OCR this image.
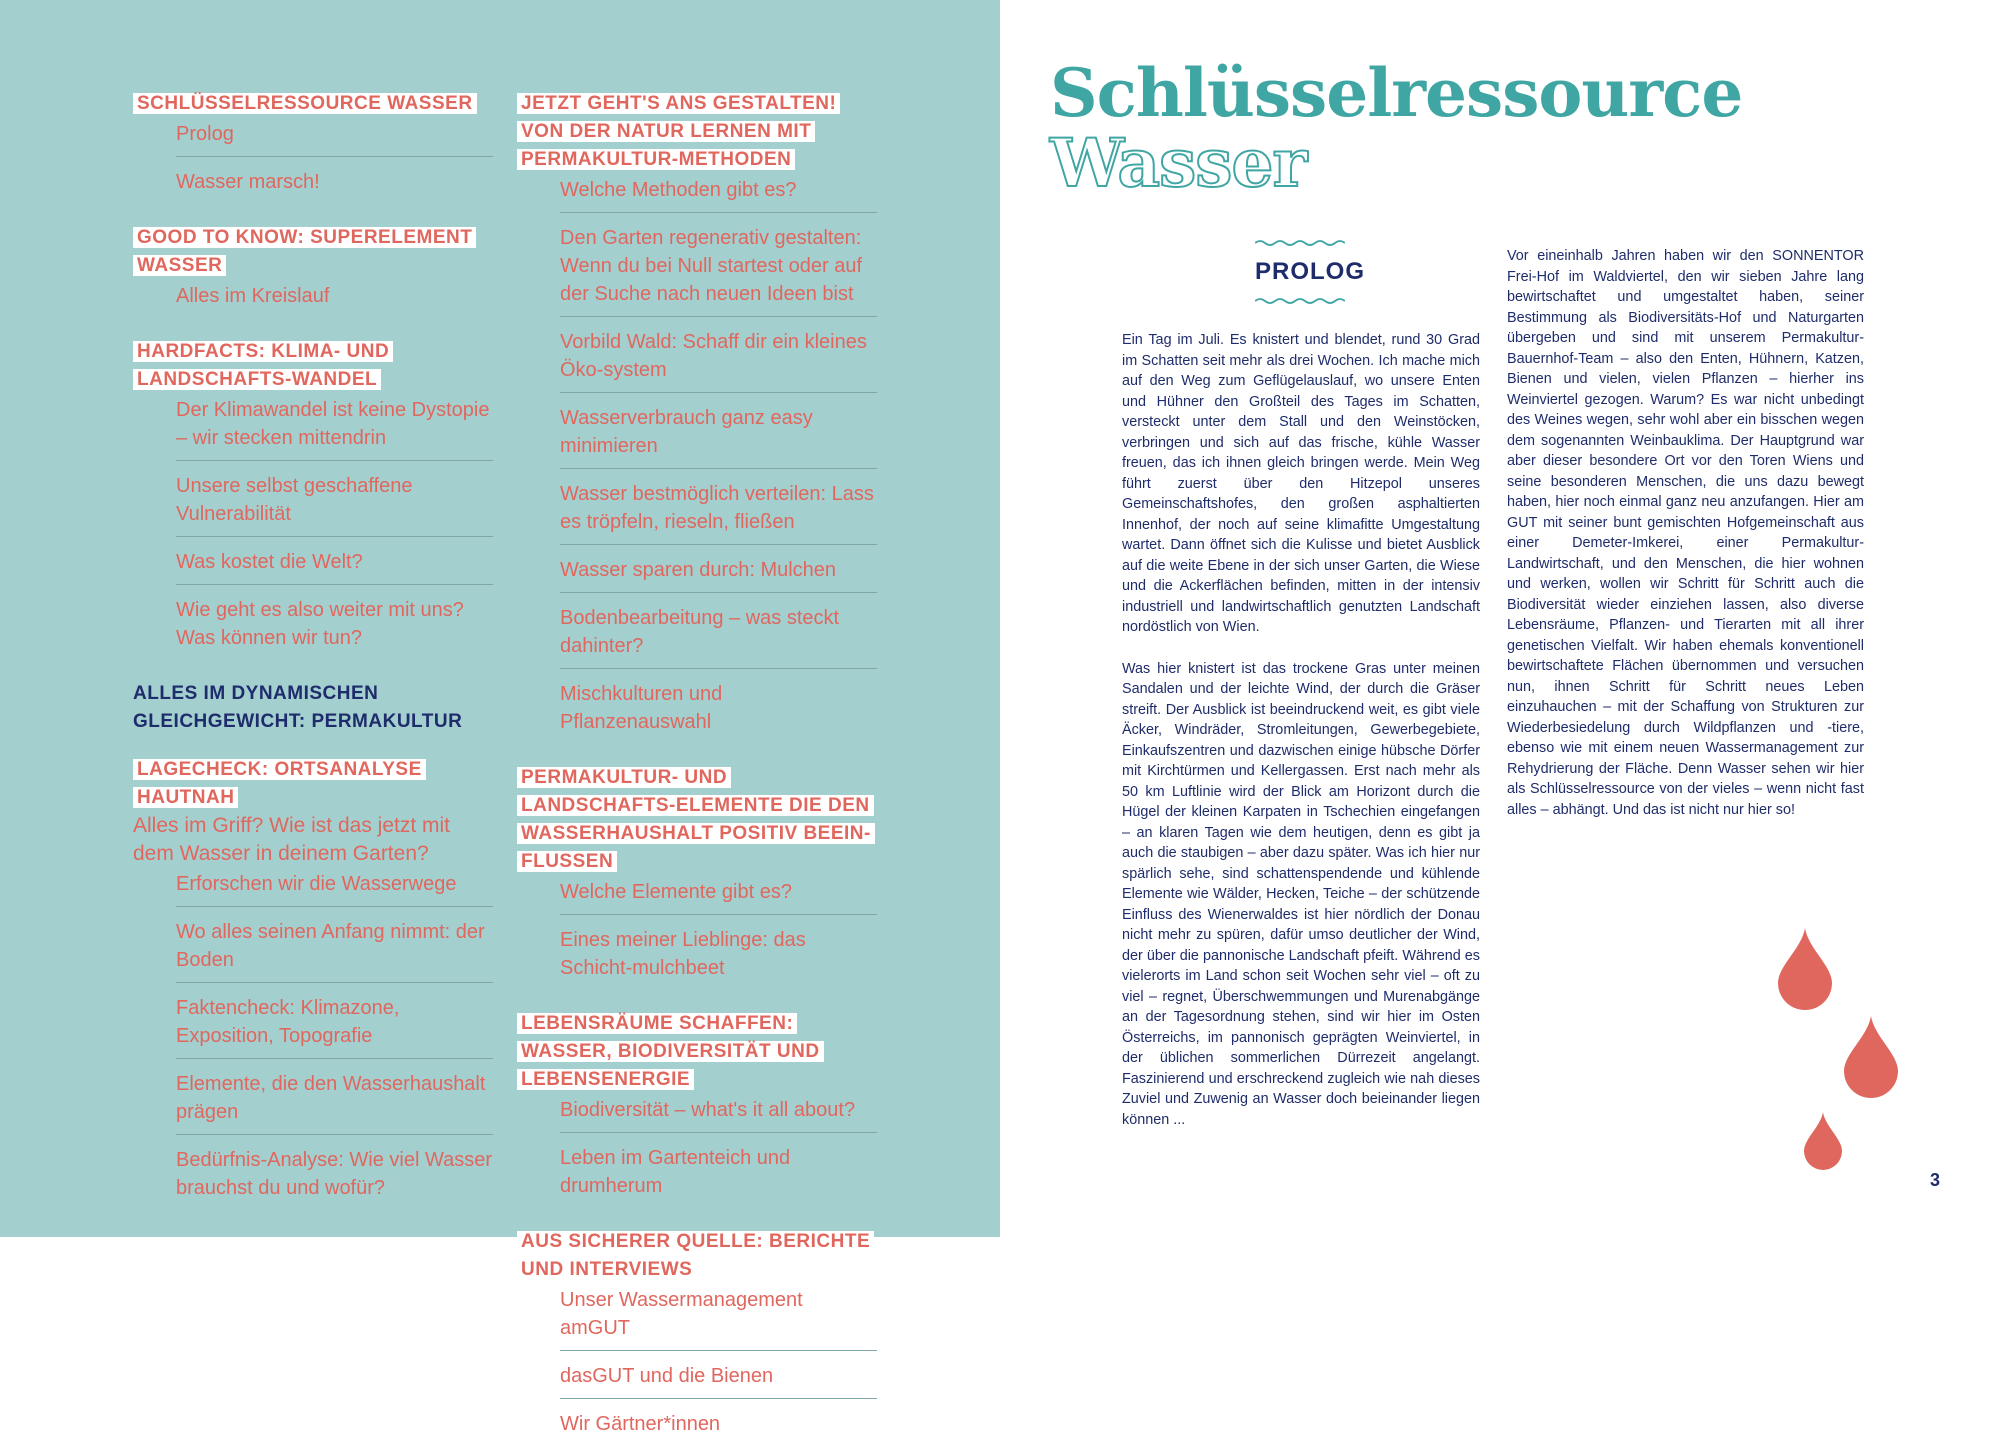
SCHLÜSSELRESSOURCE WASSER
Prolog
Wasser marsch!
GOOD TO KNOW: SUPERELEMENT WASSER
Alles im Kreislauf
HARDFACTS: KLIMA- UND LANDSCHAFTS-WANDEL
Der Klimawandel ist keine Dystopie – wir stecken mittendrin
Unsere selbst geschaffene Vulnerabilität
Was kostet die Welt?
Wie geht es also weiter mit uns? Was können wir tun?
ALLES IM DYNAMISCHEN GLEICHGEWICHT: PERMAKULTUR
LAGECHECK: ORTSANALYSE HAUTNAH

Alles im Griff? Wie ist das jetzt mit dem Wasser in deinem Garten?

Erforschen wir die Wasserwege
Wo alles seinen Anfang nimmt: der Boden
Faktencheck: Klimazone, Exposition, Topografie
Elemente, die den Wasserhaushalt prägen
Bedürfnis-Analyse: Wie viel Wasser brauchst du und wofür?
JETZT GEHT'S ANS GESTALTEN! VON DER NATUR LERNEN MIT PERMAKULTUR-METHODEN
Welche Methoden gibt es?
Den Garten regenerativ gestalten: Wenn du bei Null startest oder auf der Suche nach neuen Ideen bist
Vorbild Wald: Schaff dir ein kleines Öko-system
Wasserverbrauch ganz easy minimieren
Wasser bestmöglich verteilen: Lass es tröpfeln, rieseln, fließen
Wasser sparen durch: Mulchen
Bodenbearbeitung – was steckt dahinter?
Mischkulturen und Pflanzenauswahl
PERMAKULTUR- UND LANDSCHAFTS-ELEMENTE DIE DEN WASSERHAUSHALT POSITIV BEEIN-FLUSSEN
Welche Elemente gibt es?
Eines meiner Lieblinge: das Schicht-mulchbeet
LEBENSRÄUME SCHAFFEN: WASSER, BIODIVERSITÄT UND LEBENSENERGIE
Biodiversität – what's it all about?
Leben im Gartenteich und drumherum
AUS SICHERER QUELLE: BERICHTE UND INTERVIEWS
Unser Wassermanagement amGUT
dasGUT und die Bienen
Wir Gärtner*innen
Schlüsselressource
Wasser
PROLOG

Ein Tag im Juli. Es knistert und blendet, rund 30 Grad im Schatten seit mehr als drei Wochen. Ich mache mich auf den Weg zum Geflügelauslauf, wo unsere Enten und Hühner den Großteil des Tages im Schatten, versteckt unter dem Stall und den Weinstöcken, verbringen und sich auf das frische, kühle Wasser freuen, das ich ihnen gleich bringen werde. Mein Weg führt zuerst über den Hitzepol unseres Gemeinschaftshofes, den großen asphaltierten Innenhof, der noch auf seine klimafitte Umgestaltung wartet. Dann öffnet sich die Kulisse und bietet Ausblick auf die weite Ebene in der sich unser Garten, die Wiese und die Ackerflächen befinden, mitten in der intensiv industriell und landwirtschaftlich genutzten Landschaft nordöstlich von Wien.

Was hier knistert ist das trockene Gras unter meinen Sandalen und der leichte Wind, der durch die Gräser streift. Der Ausblick ist beeindruckend weit, es gibt viele Äcker, Windräder, Stromleitungen, Gewerbegebiete, Einkaufszentren und dazwischen einige hübsche Dörfer mit Kirchtürmen und Kellergassen. Erst nach mehr als 50 km Luftlinie wird der Blick am Horizont durch die Hügel der kleinen Karpaten in Tschechien eingefangen – an klaren Tagen wie dem heutigen, denn es gibt ja auch die staubigen – aber dazu später. Was ich hier nur spärlich sehe, sind schattenspendende und kühlende Elemente wie Wälder, Hecken, Teiche – der schützende Einfluss des Wienerwaldes ist hier nördlich der Donau nicht mehr zu spüren, dafür umso deutlicher der Wind, der über die pannonische Landschaft pfeift. Während es vielerorts im Land schon seit Wochen sehr viel – oft zu viel – regnet, Überschwemmungen und Murenabgänge an der Tagesordnung stehen, sind wir hier im Osten Österreichs, im pannonisch geprägten Weinviertel, in der üblichen sommerlichen Dürrezeit angelangt. Faszinierend und erschreckend zugleich wie nah dieses Zuviel und Zuwenig an Wasser doch beieinander liegen können ...

Vor eineinhalb Jahren haben wir den SONNENTOR Frei-Hof im Waldviertel, den wir sieben Jahre lang bewirtschaftet und umgestaltet haben, seiner Bestimmung als Biodiversitäts-Hof und Naturgarten übergeben und sind mit unserem Permakultur-Bauernhof-Team – also den Enten, Hühnern, Katzen, Bienen und vielen, vielen Pflanzen – hierher ins Weinviertel gezogen. Warum? Es war nicht unbedingt des Weines wegen, sehr wohl aber ein bisschen wegen dem sogenannten Weinbauklima. Der Hauptgrund war aber dieser besondere Ort vor den Toren Wiens und seine besonderen Menschen, die uns dazu bewegt haben, hier noch einmal ganz neu anzufangen. Hier am GUT mit seiner bunt gemischten Hofgemeinschaft aus einer Demeter-Imkerei, einer Permakultur-Landwirtschaft, und den Menschen, die hier wohnen und werken, wollen wir Schritt für Schritt auch die Biodiversität wieder einziehen lassen, also diverse Lebensräume, Pflanzen- und Tierarten mit all ihrer genetischen Vielfalt. Wir haben ehemals konventionell bewirtschaftete Flächen übernommen und versuchen nun, ihnen Schritt für Schritt neues Leben einzuhauchen – mit der Schaffung von Strukturen zur Wiederbesiedelung durch Wildpflanzen und -tiere, ebenso wie mit einem neuen Wassermanagement zur Rehydrierung der Fläche. Denn Wasser sehen wir hier als Schlüsselressource von der vieles – wenn nicht fast alles – abhängt. Und das ist nicht nur hier so!

3
